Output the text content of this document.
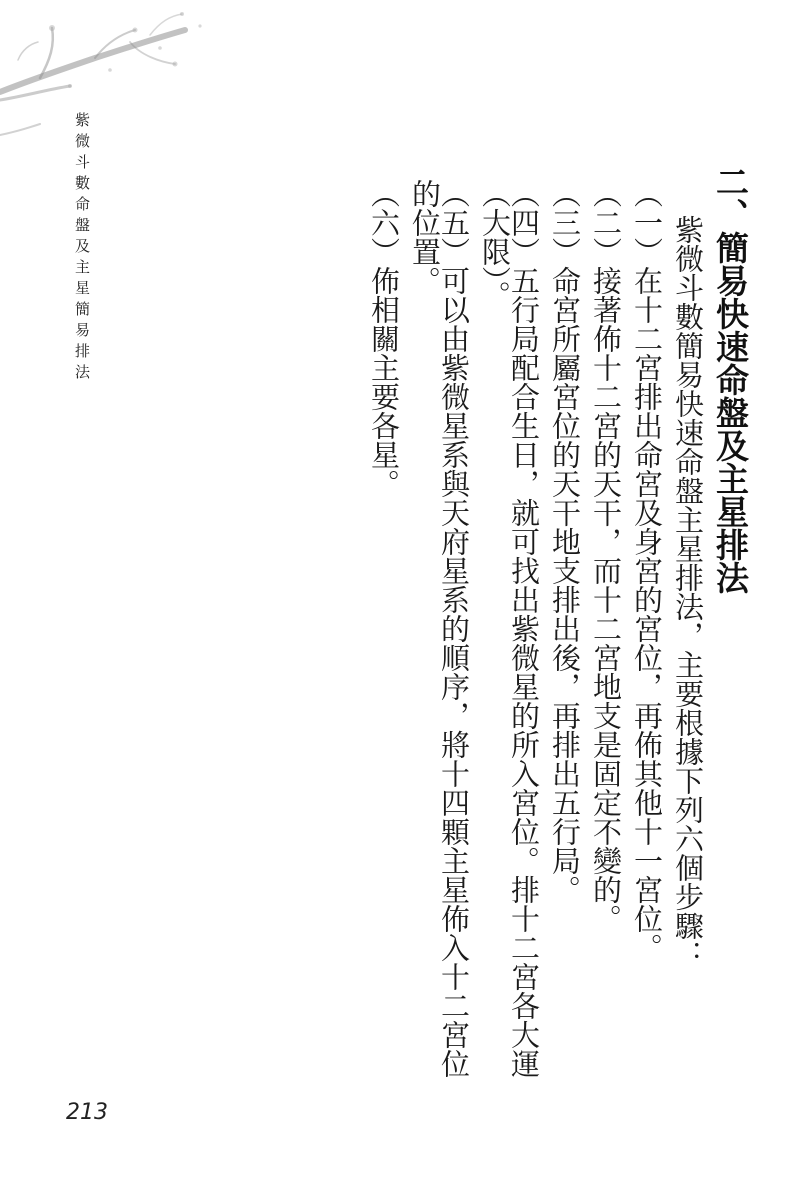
紫微斗數命盤及主星簡易排法	二、簡易快速命盤及主星排法

紫微斗數簡易快速命盤主星排法，主要根據下列六個步驟：

（一）在十二宮排出命宮及身宮的宮位，再佈其他十一宮位。

（二）接著佈十二宮的天干，而十二宮地支是固定不變的。

（三）命宮所屬宮位的天干地支排出後，再排出五行局。

（四）五行局配合生日，就可找出紫微星的所入宮位。排十二宮各大運（大限）。

（五）可以由紫微星系與天府星系的順序，將十四顆主星佈入十二宮位的位置。

（六）佈相關主要各星。

213
